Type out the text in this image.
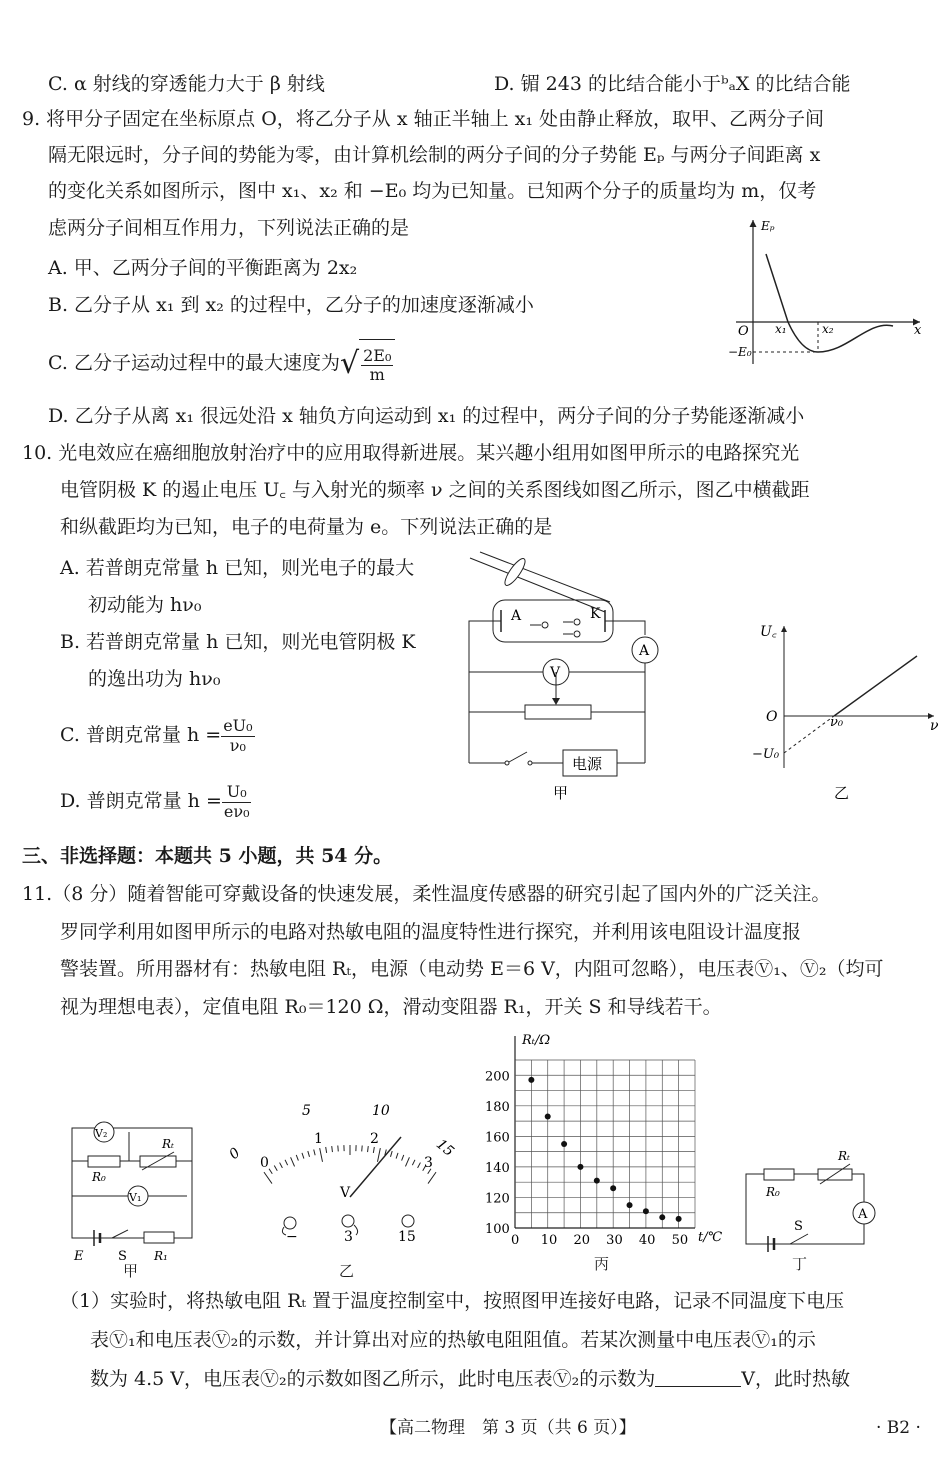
C. α 射线的穿透能力大于 β 射线	D. 镅 243 的比结合能小于ᵇₐX 的比结合能
9. 将甲分子固定在坐标原点 O，将乙分子从 x 轴正半轴上 x₁ 处由静止释放，取甲、乙两分子间
隔无限远时，分子间的势能为零，由计算机绘制的两分子间的分子势能 Eₚ 与两分子间距离 x
的变化关系如图所示，图中 x₁、x₂ 和 −E₀ 均为已知量。已知两个分子的质量均为 m，仅考
虑两分子间相互作用力，下列说法正确的是
A. 甲、乙两分子间的平衡距离为 2x₂
B. 乙分子从 x₁ 到 x₂ 的过程中，乙分子的加速度逐渐减小
C. 乙分子运动过程中的最大速度为√ $\frac{\text{2E₀}}{m}$
D. 乙分子从离 x₁ 很远处沿 x 轴负方向运动到 x₁ 的过程中，两分子间的分子势能逐渐减小
Eₚ
x
O x₁	x₂
−E₀
10. 光电效应在癌细胞放射治疗中的应用取得新进展。某兴趣小组用如图甲所示的电路探究光
电管阴极 K 的遏止电压 U꜀ 与入射光的频率 ν 之间的关系图线如图乙所示，图乙中横截距
和纵截距均为已知，电子的电荷量为 e。下列说法正确的是
A. 若普朗克常量 h 已知，则光电子的最大
初动能为 hν₀
B. 若普朗克常量 h 已知，则光电管阴极 K
的逸出功为 hν₀
C. 普朗克常量 $h = \frac{\text{eU₀}}{\text{ν₀}}$
D. 普朗克常量 $h = \frac{\text{U₀}}{\text{eν₀}}$
A	K
A
V
电源
甲
U꜀
ν
O	ν₀
−U₀
乙
三、非选择题：本题共 5 小题，共 54 分。
11.（8 分）随着智能可穿戴设备的快速发展，柔性温度传感器的研究引起了国内外的广泛关注。
罗同学利用如图甲所示的电路对热敏电阻的温度特性进行探究，并利用该电阻设计温度报
警装置。所用器材有：热敏电阻 Rₜ，电源（电动势 E＝6 V，内阻可忽略），电压表Ⓥ₁、Ⓥ₂（均可
视为理想电表），定值电阻 R₀＝120 Ω，滑动变阻器 R₁，开关 S 和导线若干。
V₂
R₀
Rₜ
V₁
E	S R₁
甲
0
5	10
15
0
1	2
3
V
−	3	15
乙
0 10 20 30 40 50
100
120
140
160
180
200
Rₜ/Ω
t/℃
丙
R₀
Rₜ
A
S
丁
（1）实验时，将热敏电阻 Rₜ 置于温度控制室中，按照图甲连接好电路，记录不同温度下电压
表Ⓥ₁和电压表Ⓥ₂的示数，并计算出对应的热敏电阻阻值。若某次测量中电压表Ⓥ₁的示
数为 4.5 V，电压表Ⓥ₂的示数如图乙所示，此时电压表Ⓥ₂的示数为	V，此时热敏
【高二物理　第 3 页（共 6 页）】	· B2 ·
